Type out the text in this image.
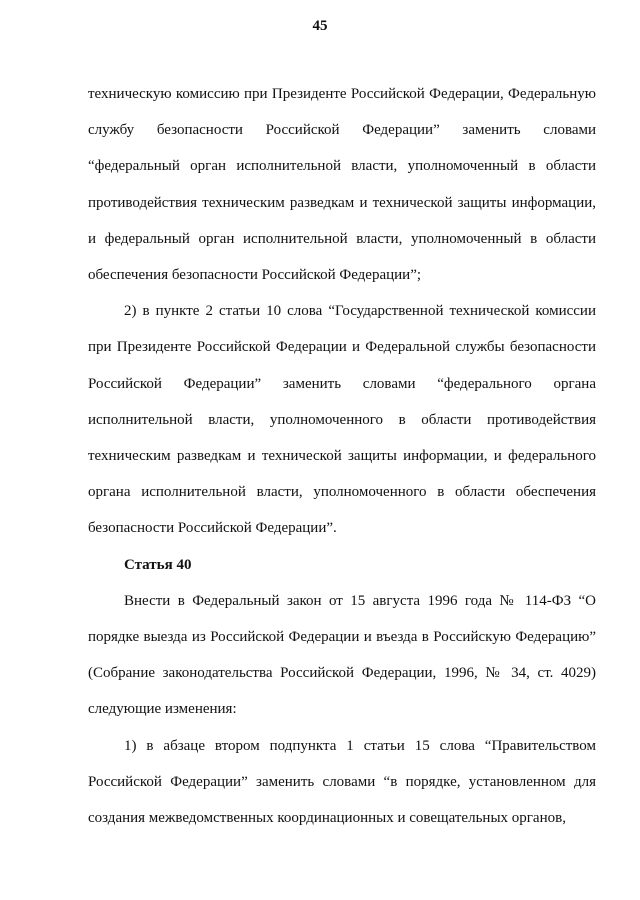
45

техническую комиссию при Президенте Российской Федерации, Федеральную службу безопасности Российской Федерации” заменить словами “федеральный орган исполнительной власти, уполномоченный в области противодействия техническим разведкам и технической защиты информации, и федеральный орган исполнительной власти, уполномоченный в области обеспечения безопасности Российской Федерации”;

2) в пункте 2 статьи 10 слова “Государственной технической комиссии при Президенте Российской Федерации и Федеральной службы безопасности Российской Федерации” заменить словами “федерального органа исполнительной власти, уполномоченного в области противодействия техническим разведкам и технической защиты информации, и федерального органа исполнительной власти, уполномоченного в области обеспечения безопасности Российской Федерации”.

Статья 40

Внести в Федеральный закон от 15 августа 1996 года № 114-ФЗ “О порядке выезда из Российской Федерации и въезда в Российскую Федерацию” (Собрание законодательства Российской Федерации, 1996, № 34, ст. 4029) следующие изменения:

1) в абзаце втором подпункта 1 статьи 15 слова “Правительством Российской Федерации” заменить словами “в порядке, установленном для создания межведомственных координационных и совещательных органов,
